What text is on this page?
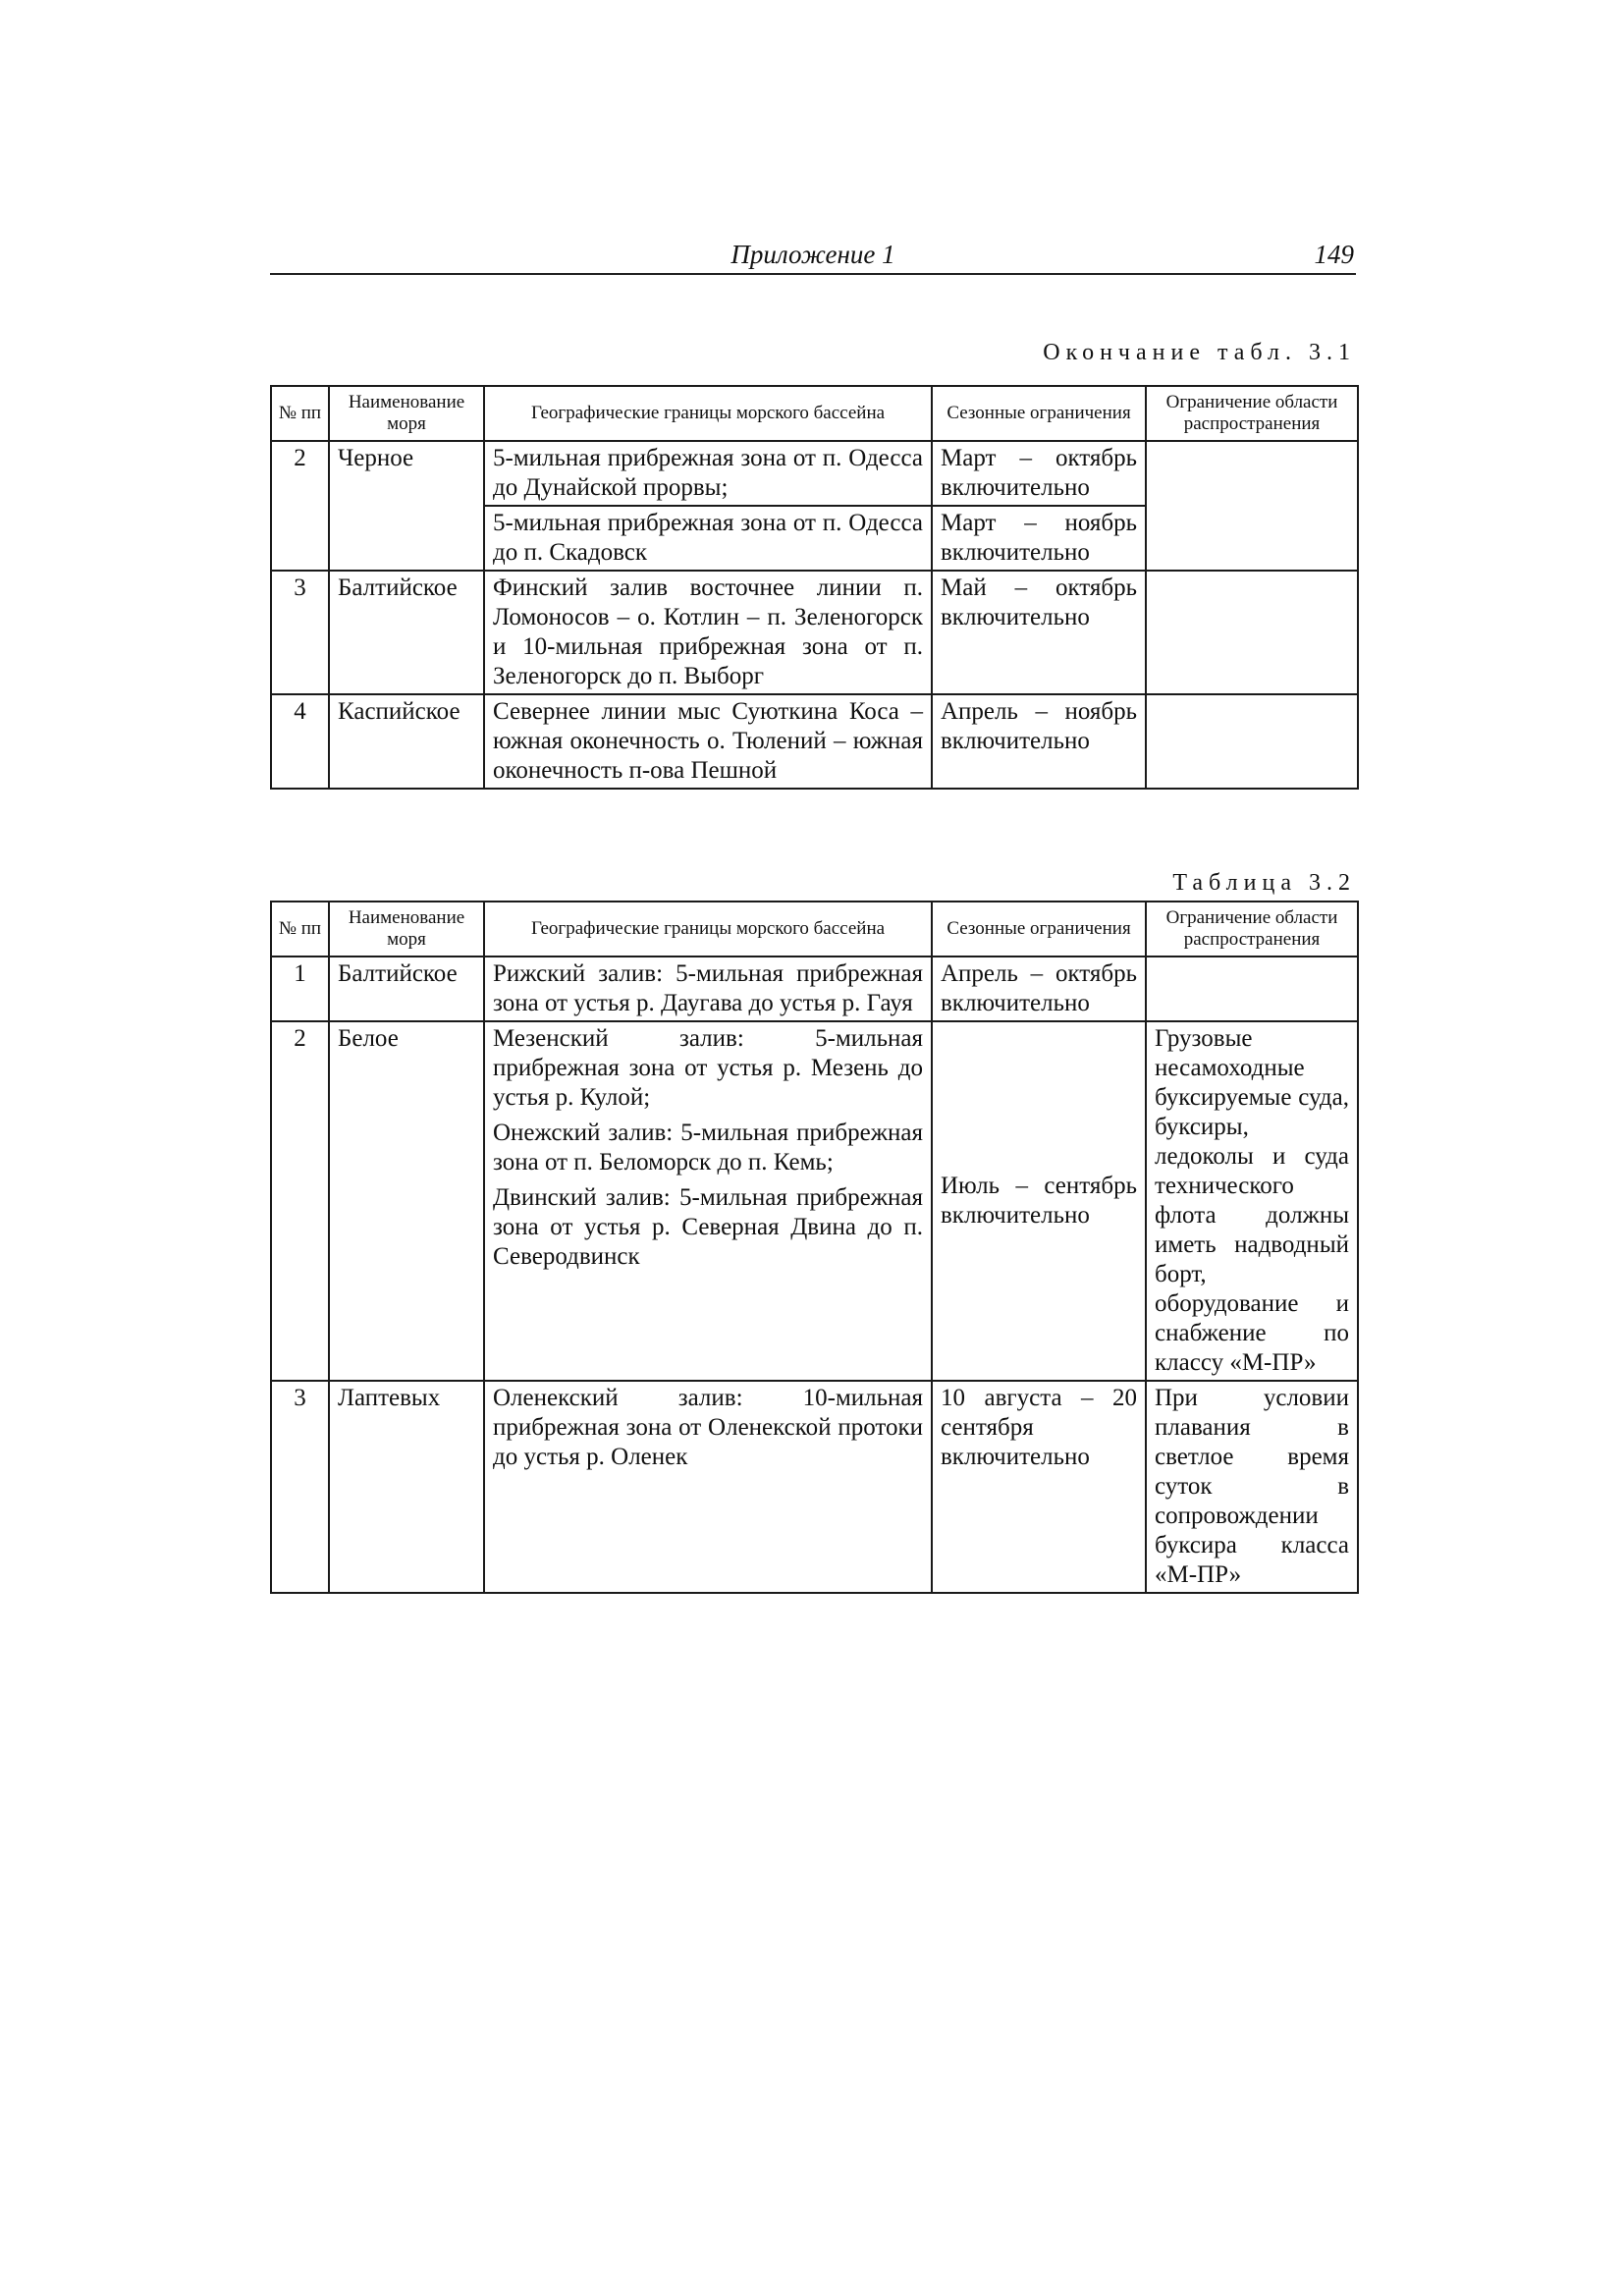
Приложение 1	149
Окончание табл. 3.1
№ пп	Наименование моря	Географические границы морского бассейна	Сезонные ограничения	Ограничение области распространения
2	Черное	5-мильная прибрежная зона от п. Одесса до Дунайской прорвы;	Март – октябрь включительно	
		5-мильная прибрежная зона от п. Одесса до п. Скадовск	Март – ноябрь включительно	
3	Балтийское	Финский залив восточнее линии п. Ломоносов – о. Котлин – п. Зеленогорск и 10-мильная прибрежная зона от п. Зеленогорск до п. Выборг	Май – октябрь включительно	
4	Каспийское	Севернее линии мыс Суюткина Коса – южная оконечность о. Тюлений – южная оконечность п-ова Пешной	Апрель – ноябрь включительно	
Таблица 3.2
№ пп	Наименование моря	Географические границы морского бассейна	Сезонные ограничения	Ограничение области распространения
1	Балтийское	Рижский залив: 5-мильная прибрежная зона от устья р. Даугава до устья р. Гауя	Апрель – октябрь включительно	
2	Белое	Мезенский залив: 5-мильная прибрежная зона от устья р. Мезень до устья р. Кулой;

Онежский залив: 5-мильная прибрежная зона от п. Беломорск до п. Кемь;

Двинский залив: 5-мильная прибрежная зона от устья р. Северная Двина до п. Северодвинск	Июль – сентябрь включительно	Грузовые несамоходные буксируемые суда, буксиры, ледоколы и суда технического флота должны иметь надводный борт, оборудование и снабжение по классу «М-ПР»
3	Лаптевых	Оленекский залив: 10-мильная прибрежная зона от Оленекской протоки до устья р. Оленек	10 августа – 20 сентября включительно	При условии плавания в светлое время суток в сопровождении буксира класса «М-ПР»
